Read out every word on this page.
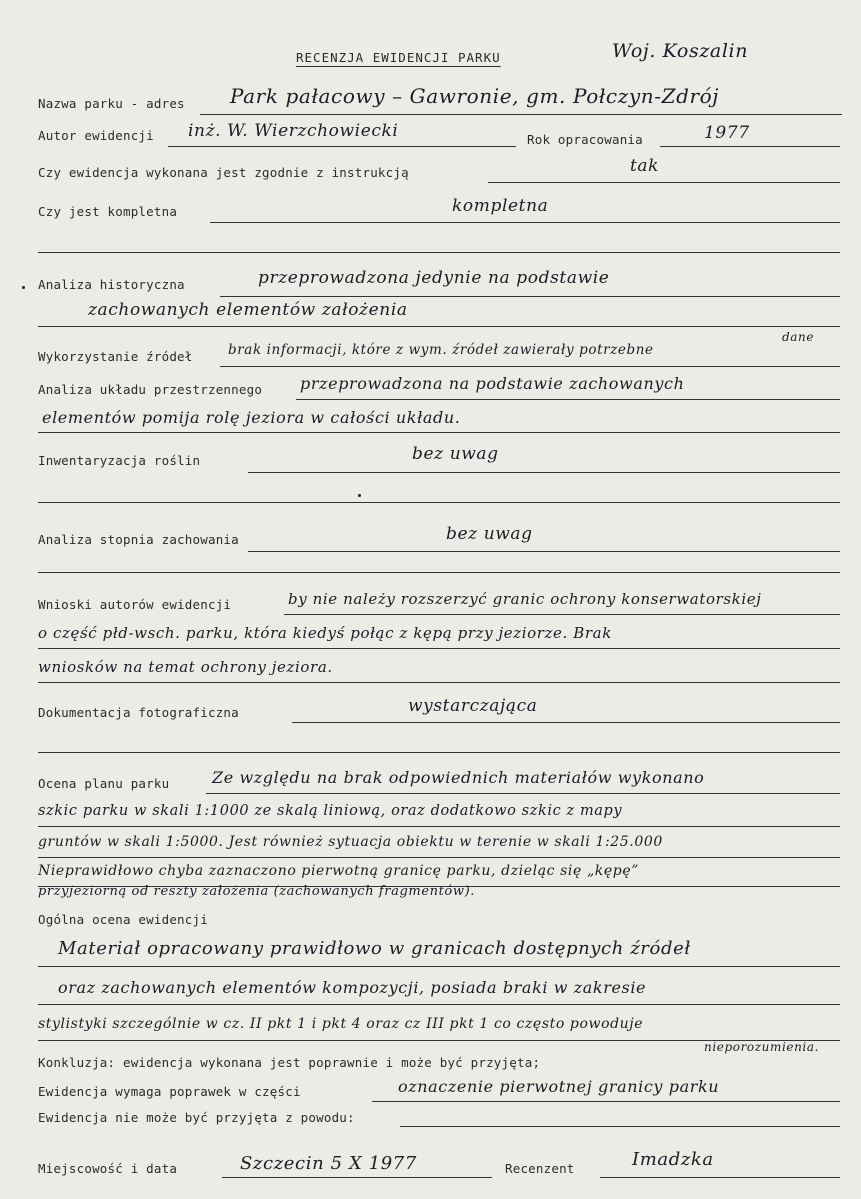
RECENZJA EWIDENCJI PARKU	Woj. Koszalin
Nazwa parku - adres Park pałacowy – Gawronie, gm. Połczyn-Zdrój
Autor ewidencji inż. W. Wierzchowiecki	Rok opracowania	1977
Czy ewidencja wykonana jest zgodnie z instrukcją	tak
Czy jest kompletna	kompletna
Analiza historyczna	przeprowadzona jedynie na podstawie
zachowanych elementów założenia
dane
Wykorzystanie źródeł	brak informacji, które z wym. źródeł zawierały potrzebne
Analiza układu przestrzennego przeprowadzona na podstawie zachowanych
elementów pomija rolę jeziora w całości układu.
Inwentaryzacja roślin	bez uwag
Analiza stopnia zachowania	bez uwag
Wnioski autorów ewidencji	by nie należy rozszerzyć granic ochrony konserwatorskiej
o część płd-wsch. parku, która kiedyś połąc z kępą przy jeziorze. Brak
wniosków na temat ochrony jeziora.
Dokumentacja fotograficzna	wystarczająca
Ocena planu parku	Ze względu na brak odpowiednich materiałów wykonano
szkic parku w skali 1:1000 ze skalą liniową, oraz dodatkowo szkic z mapy
gruntów w skali 1:5000. Jest również sytuacja obiektu w terenie w skali 1:25.000
Nieprawidłowo chyba zaznaczono pierwotną granicę parku, dzieląc się „kępę”
przyjeziorną od reszty założenia (zachowanych fragmentów).
Ogólna ocena ewidencji
Materiał opracowany prawidłowo w granicach dostępnych źródeł
oraz zachowanych elementów kompozycji, posiada braki w zakresie
stylistyki szczególnie w cz. II pkt 1 i pkt 4 oraz cz III pkt 1 co często powoduje
nieporozumienia.
Konkluzja: ewidencja wykonana jest poprawnie i może być przyjęta;
Ewidencja wymaga poprawek w części	oznaczenie pierwotnej granicy parku
Ewidencja nie może być przyjęta z powodu:
Miejscowość i data	Szczecin 5 X 1977	Recenzent	Imadzka
